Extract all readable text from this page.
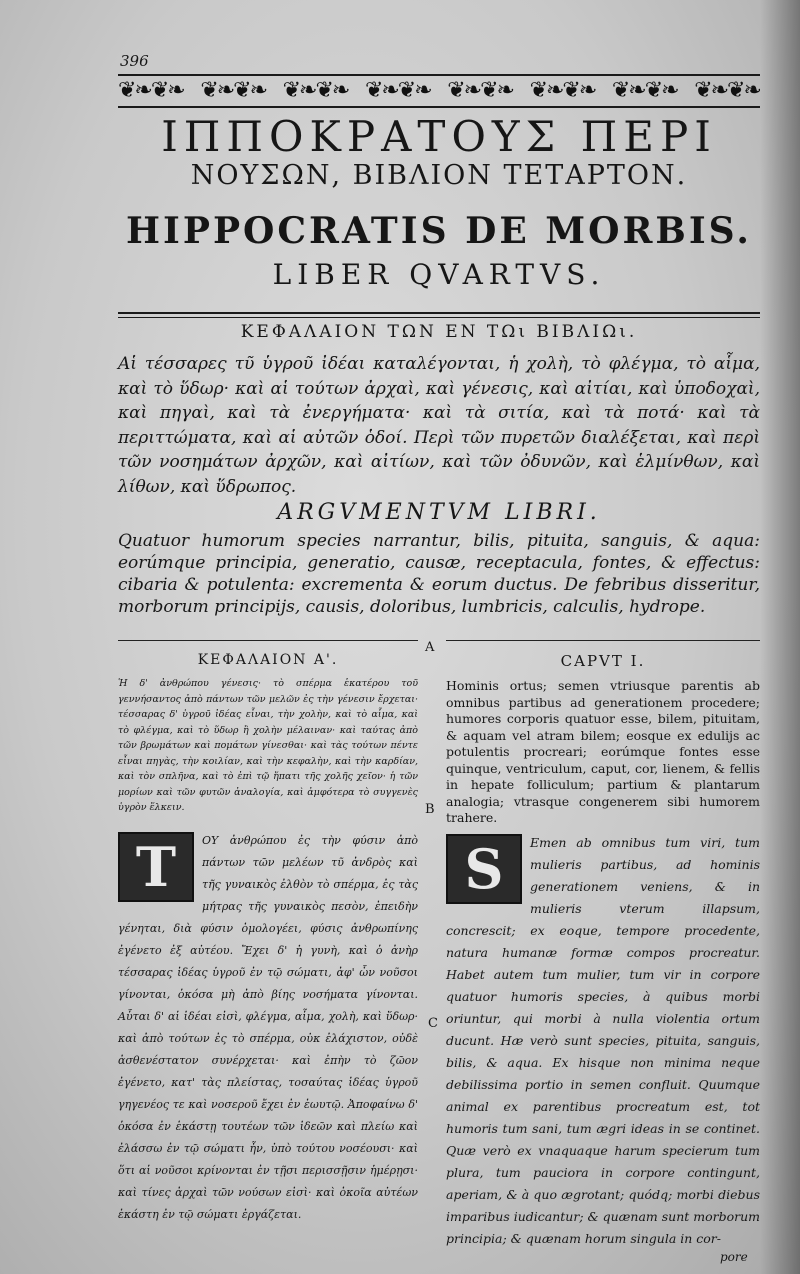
396
❦❧❦❧ ❦❧❦❧ ❦❧❦❧ ❦❧❦❧ ❦❧❦❧ ❦❧❦❧ ❦❧❦❧ ❦❧❦❧
ΙΠΠΟΚΡΑΤΟΥΣ ΠΕΡΙ
ΝΟΥΣΩΝ, ΒΙΒΛΙΟΝ ΤΕΤΑΡΤΟΝ.
HIPPOCRATIS DE MORBIS.
LIBER QVARTVS.
ΚΕΦΑΛΑΙΟΝ ΤΩΝ ΕΝ ΤΩι ΒΙΒΛΙΩι.
Αἱ τέσσαρες τῦ ὑγροῦ ἰδέαι καταλέγονται, ἡ χολὴ, τὸ φλέγμα, τὸ αἷμα, καὶ τὸ ὕδωρ· καὶ αἱ τούτων ἀρχαὶ, καὶ γένεσις, καὶ αἰτίαι, καὶ ὑποδοχαὶ, καὶ πηγαὶ, καὶ τὰ ἐνεργήματα· καὶ τὰ σιτία, καὶ τὰ ποτά· καὶ τὰ περιττώματα, καὶ αἱ αὐτῶν ὁδοί. Περὶ τῶν πυρετῶν διαλέξεται, καὶ περὶ τῶν νοσημάτων ἀρχῶν, καὶ αἰτίων, καὶ τῶν ὀδυνῶν, καὶ ἑλμίνθων, καὶ λίθων, καὶ ὕδρωπος.
ARGVMENTVM LIBRI.
Quatuor humorum species narrantur, bilis, pituita, sanguis, & aqua: eorúmque principia, generatio, causæ, receptacula, fontes, & effectus: cibaria & potulenta: excrementa & eorum ductus. De febribus disseritur, morborum principijs, causis, doloribus, lumbricis, calculis, hydrope.
A
B
C
ΚΕΦΑΛΑΙΟΝ Α'.	CAPVT I.
Ἡ δ' ἀνθρώπου γένεσις· τὸ σπέρμα ἑκατέρου τοῦ γεννήσαντος ἀπὸ πάντων τῶν μελῶν ἐς τὴν γένεσιν ἔρχεται· τέσσαρας δ' ὑγροῦ ἰδέας εἶναι, τὴν χολὴν, καὶ τὸ αἷμα, καὶ τὸ φλέγμα, καὶ τὸ ὕδωρ ἢ χολὴν μέλαιναν· καὶ ταύτας ἀπὸ τῶν βρωμάτων καὶ πομάτων γίνεσθαι· καὶ τὰς τούτων πέντε εἶναι πηγὰς, τὴν κοιλίαν, καὶ τὴν κεφαλὴν, καὶ τὴν καρδίαν, καὶ τὸν σπλῆνα, καὶ τὸ ἐπὶ τῷ ἥπατι τῆς χολῆς χεῖον· ἡ τῶν μορίων καὶ τῶν φυτῶν ἀναλογία, καὶ ἀμφότερα τὸ συγγενὲς ὑγρὸν ἕλκειν.
Hominis ortus; semen vtriusque parentis ab omnibus partibus ad generationem procedere; humores corporis quatuor esse, bilem, pituitam, & aquam vel atram bilem; eosque ex edulijs ac potulentis procreari; eorúmque fontes esse quinque, ventriculum, caput, cor, lienem, & fellis in hepate folliculum; partium & plantarum analogia; vtrasque congenerem sibi humorem trahere.
Τ	ΟΥ ἀνθρώπου ἐς τὴν φύσιν ἀπὸ πάντων τῶν μελέων τῦ ἀνδρὸς καὶ τῆς γυναικὸς ἐλθὸν τὸ σπέρμα, ἐς τὰς μήτρας τῆς γυναικὸς πεσὸν, ἐπειδὴν γένηται, διὰ φύσιν ὁμολογέει, φύσις ἀνθρωπίνης ἐγένετο ἐξ αὐτέου. Ἔχει δ' ἡ γυνὴ, καὶ ὁ ἀνὴρ τέσσαρας ἰδέας ὑγροῦ ἐν τῷ σώματι, ἀφ' ὧν νοῦσοι γίνονται, ὁκόσα μὴ ἀπὸ βίης νοσήματα γίνονται. Αὗται δ' αἱ ἰδέαι εἰσὶ, φλέγμα, αἷμα, χολὴ, καὶ ὕδωρ· καὶ ἀπὸ τούτων ἐς τὸ σπέρμα, οὐκ ἐλάχιστον, οὐδὲ ἀσθενέστατον συνέρχεται· καὶ ἐπὴν τὸ ζῶον ἐγένετο, κατ' τὰς πλείστας, τοσαύτας ἰδέας ὑγροῦ γηγενέος τε καὶ νοσεροῦ ἔχει ἐν ἑωυτῷ. Ἀποφαίνω δ' ὁκόσα ἐν ἑκάστῃ τουτέων τῶν ἰδεῶν καὶ πλείω καὶ ἐλάσσω ἐν τῷ σώματι ἦν, ὑπὸ τούτου νοσέουσι· καὶ ὅτι αἱ νοῦσοι κρίνονται ἐν τῇσι περισσῇσιν ἡμέρῃσι· καὶ τίνες ἀρχαὶ τῶν νούσων εἰσὶ· καὶ ὁκοῖα αὐτέων ἑκάστη ἐν τῷ σώματι ἐργάζεται.
S	Emen ab omnibus tum viri, tum mulieris partibus, ad hominis generationem veniens, & in mulieris vterum illapsum, concrescit; ex eoque, tempore procedente, natura humanæ formæ compos procreatur. Habet autem tum mulier, tum vir in corpore quatuor humoris species, à quibus morbi oriuntur, qui morbi à nulla violentia ortum ducunt. Hæ verò sunt species, pituita, sanguis, bilis, & aqua. Ex hisque non minima neque debilissima portio in semen confluit. Quumque animal ex parentibus procreatum est, tot humoris tum sani, tum ægri ideas in se continet. Quæ verò ex vnaquaque harum specierum tum plura, tum pauciora in corpore contingunt, aperiam, & à quo ægrotant; quódq; morbi diebus imparibus iudicantur; & quænam sunt morborum principia; & quænam horum singula in cor-
pore
